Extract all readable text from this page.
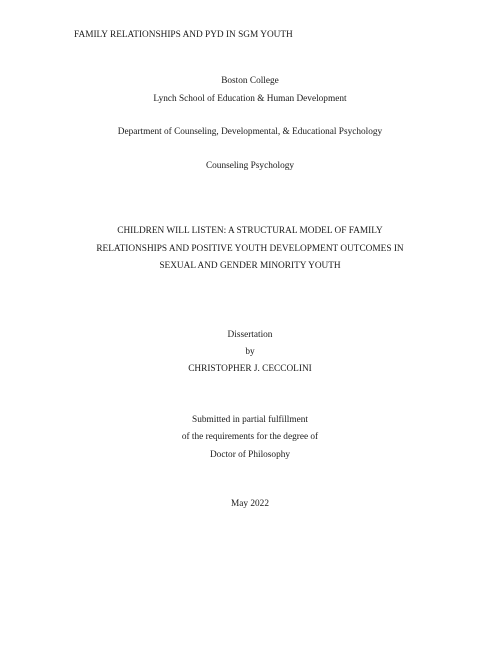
FAMILY RELATIONSHIPS AND PYD IN SGM YOUTH
Boston College
Lynch School of Education & Human Development
Department of Counseling, Developmental, & Educational Psychology
Counseling Psychology
CHILDREN WILL LISTEN: A STRUCTURAL MODEL OF FAMILY
RELATIONSHIPS AND POSITIVE YOUTH DEVELOPMENT OUTCOMES IN
SEXUAL AND GENDER MINORITY YOUTH
Dissertation
by
CHRISTOPHER J. CECCOLINI
Submitted in partial fulfillment
of the requirements for the degree of
Doctor of Philosophy
May 2022
